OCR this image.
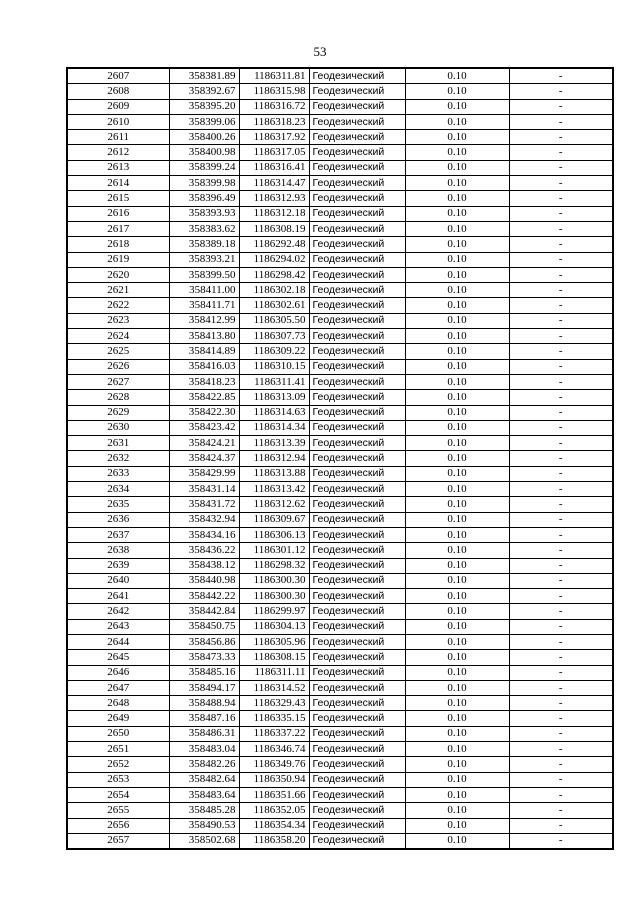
53
2607	358381.89	1186311.81	Геодезический	0.10	-
2608	358392.67	1186315.98	Геодезический	0.10	-
2609	358395.20	1186316.72	Геодезический	0.10	-
2610	358399.06	1186318.23	Геодезический	0.10	-
2611	358400.26	1186317.92	Геодезический	0.10	-
2612	358400.98	1186317.05	Геодезический	0.10	-
2613	358399.24	1186316.41	Геодезический	0.10	-
2614	358399.98	1186314.47	Геодезический	0.10	-
2615	358396.49	1186312.93	Геодезический	0.10	-
2616	358393.93	1186312.18	Геодезический	0.10	-
2617	358383.62	1186308.19	Геодезический	0.10	-
2618	358389.18	1186292.48	Геодезический	0.10	-
2619	358393.21	1186294.02	Геодезический	0.10	-
2620	358399.50	1186298.42	Геодезический	0.10	-
2621	358411.00	1186302.18	Геодезический	0.10	-
2622	358411.71	1186302.61	Геодезический	0.10	-
2623	358412.99	1186305.50	Геодезический	0.10	-
2624	358413.80	1186307.73	Геодезический	0.10	-
2625	358414.89	1186309.22	Геодезический	0.10	-
2626	358416.03	1186310.15	Геодезический	0.10	-
2627	358418.23	1186311.41	Геодезический	0.10	-
2628	358422.85	1186313.09	Геодезический	0.10	-
2629	358422.30	1186314.63	Геодезический	0.10	-
2630	358423.42	1186314.34	Геодезический	0.10	-
2631	358424.21	1186313.39	Геодезический	0.10	-
2632	358424.37	1186312.94	Геодезический	0.10	-
2633	358429.99	1186313.88	Геодезический	0.10	-
2634	358431.14	1186313.42	Геодезический	0.10	-
2635	358431.72	1186312.62	Геодезический	0.10	-
2636	358432.94	1186309.67	Геодезический	0.10	-
2637	358434.16	1186306.13	Геодезический	0.10	-
2638	358436.22	1186301.12	Геодезический	0.10	-
2639	358438.12	1186298.32	Геодезический	0.10	-
2640	358440.98	1186300.30	Геодезический	0.10	-
2641	358442.22	1186300.30	Геодезический	0.10	-
2642	358442.84	1186299.97	Геодезический	0.10	-
2643	358450.75	1186304.13	Геодезический	0.10	-
2644	358456.86	1186305.96	Геодезический	0.10	-
2645	358473.33	1186308.15	Геодезический	0.10	-
2646	358485.16	1186311.11	Геодезический	0.10	-
2647	358494.17	1186314.52	Геодезический	0.10	-
2648	358488.94	1186329.43	Геодезический	0.10	-
2649	358487.16	1186335.15	Геодезический	0.10	-
2650	358486.31	1186337.22	Геодезический	0.10	-
2651	358483.04	1186346.74	Геодезический	0.10	-
2652	358482.26	1186349.76	Геодезический	0.10	-
2653	358482.64	1186350.94	Геодезический	0.10	-
2654	358483.64	1186351.66	Геодезический	0.10	-
2655	358485.28	1186352.05	Геодезический	0.10	-
2656	358490.53	1186354.34	Геодезический	0.10	-
2657	358502.68	1186358.20	Геодезический	0.10	-
